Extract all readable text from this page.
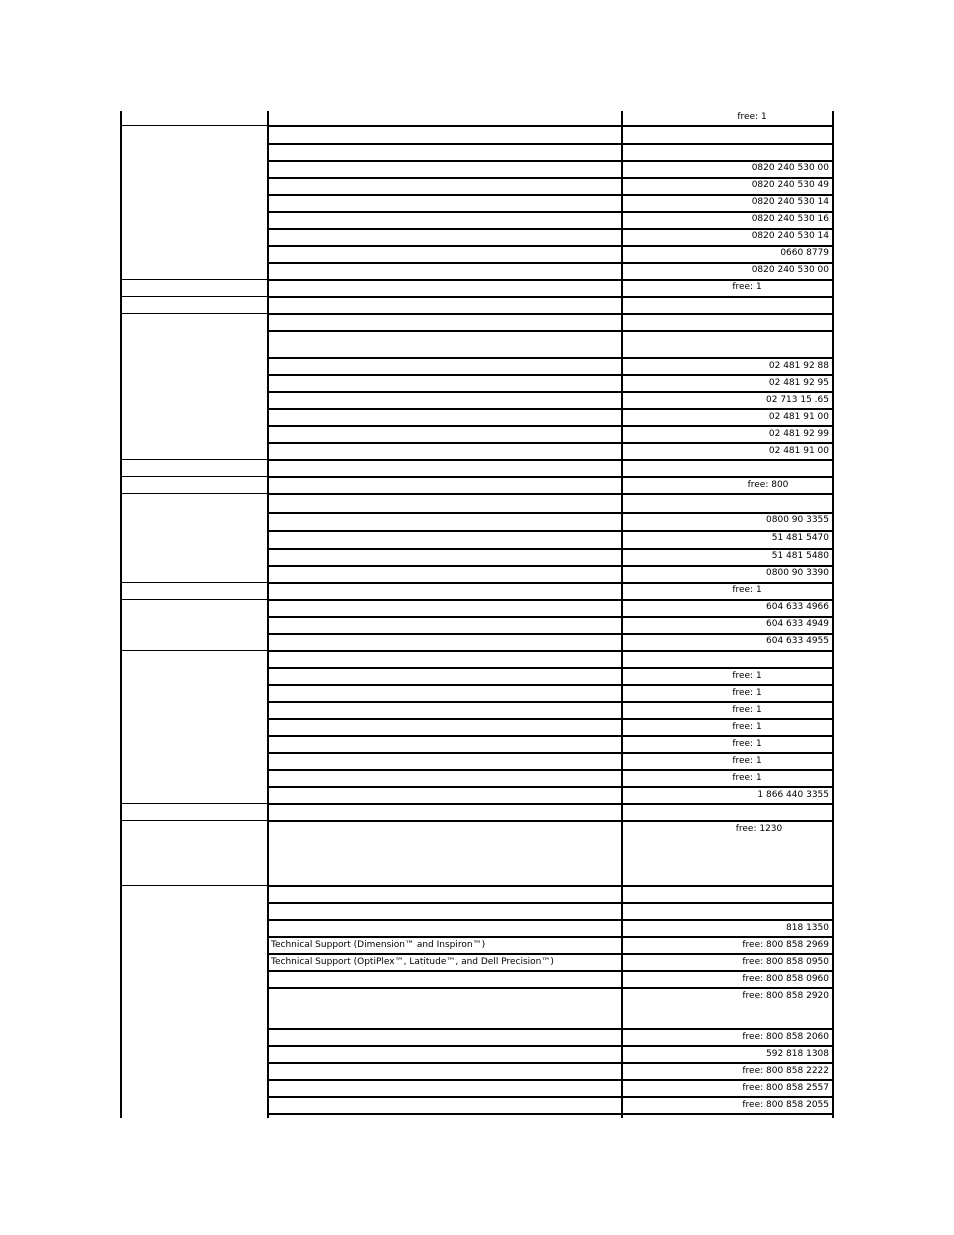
free: 1
0820 240 530 00
0820 240 530 49
0820 240 530 14
0820 240 530 16
0820 240 530 14
0660 8779
0820 240 530 00
free: 1
02 481 92 88
02 481 92 95
02 713 15 .65
02 481 91 00
02 481 92 99
02 481 91 00
free: 800
0800 90 3355
51 481 5470
51 481 5480
0800 90 3390
free: 1
604 633 4966
604 633 4949
604 633 4955
free: 1
free: 1
free: 1
free: 1
free: 1
free: 1
free: 1
1 866 440 3355
free: 1230
818 1350
Technical Support (Dimension™ and Inspiron™)	free: 800 858 2969
Technical Support (OptiPlex™, Latitude™, and Dell Precision™)	free: 800 858 0950
free: 800 858 0960
free: 800 858 2920
free: 800 858 2060
592 818 1308
free: 800 858 2222
free: 800 858 2557
free: 800 858 2055
